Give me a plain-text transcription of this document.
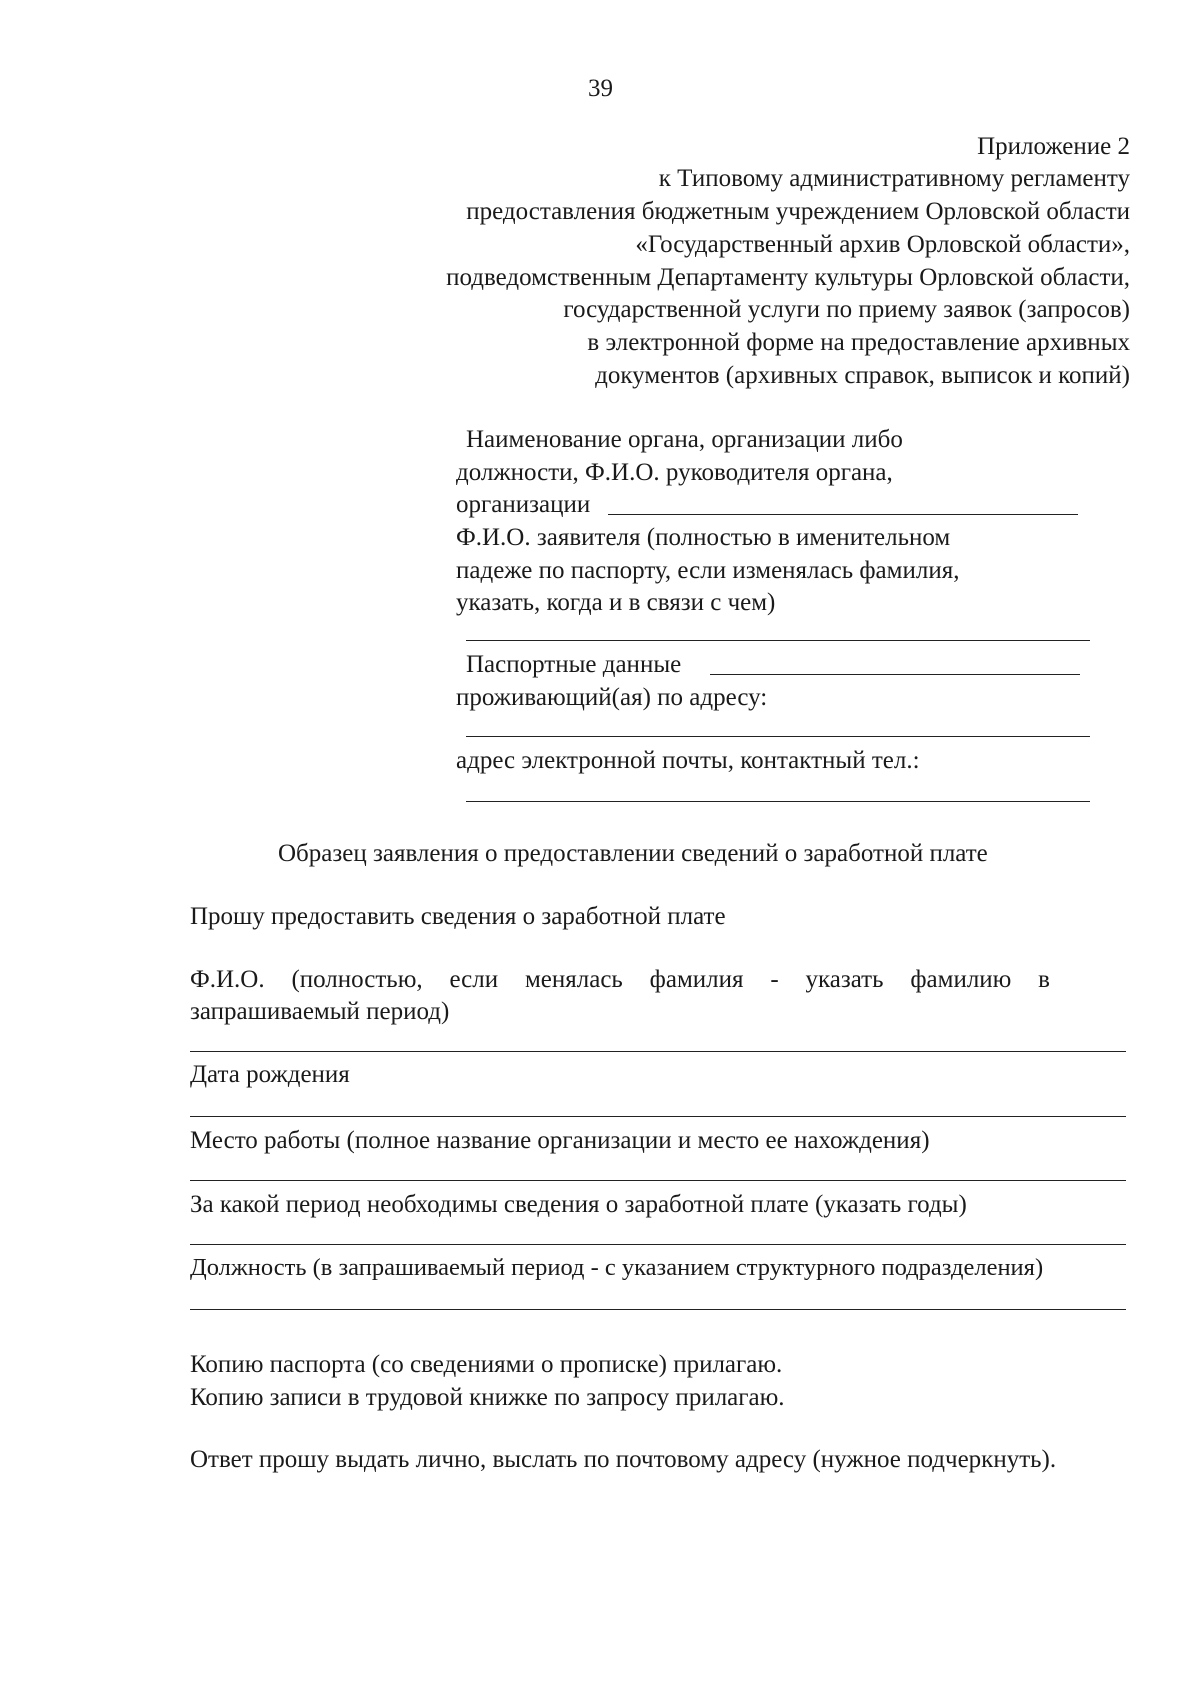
39
Приложение 2
к Типовому административному регламенту
предоставления бюджетным учреждением Орловской области
«Государственный архив Орловской области»,
подведомственным Департаменту культуры Орловской области,
государственной услуги по приему заявок (запросов)
в электронной форме на предоставление архивных
документов (архивных справок, выписок и копий)
Наименование органа, организации либо
должности, Ф.И.О. руководителя органа,
организации
Ф.И.О. заявителя (полностью в именительном
падеже по паспорту, если изменялась фамилия,
указать, когда и в связи с чем)
Паспортные данные
проживающий(ая) по адресу:
адрес электронной почты, контактный тел.:
Образец заявления о предоставлении сведений о заработной плате
Прошу предоставить сведения о заработной плате
Ф.И.О. (полностью, если менялась фамилия - указать фамилию в
запрашиваемый период)
Дата рождения
Место работы (полное название организации и место ее нахождения)
За какой период необходимы сведения о заработной плате (указать годы)
Должность (в запрашиваемый период - с указанием структурного подразделения)
Копию паспорта (со сведениями о прописке) прилагаю.
Копию записи в трудовой книжке по запросу прилагаю.
Ответ прошу выдать лично, выслать по почтовому адресу (нужное подчеркнуть).
